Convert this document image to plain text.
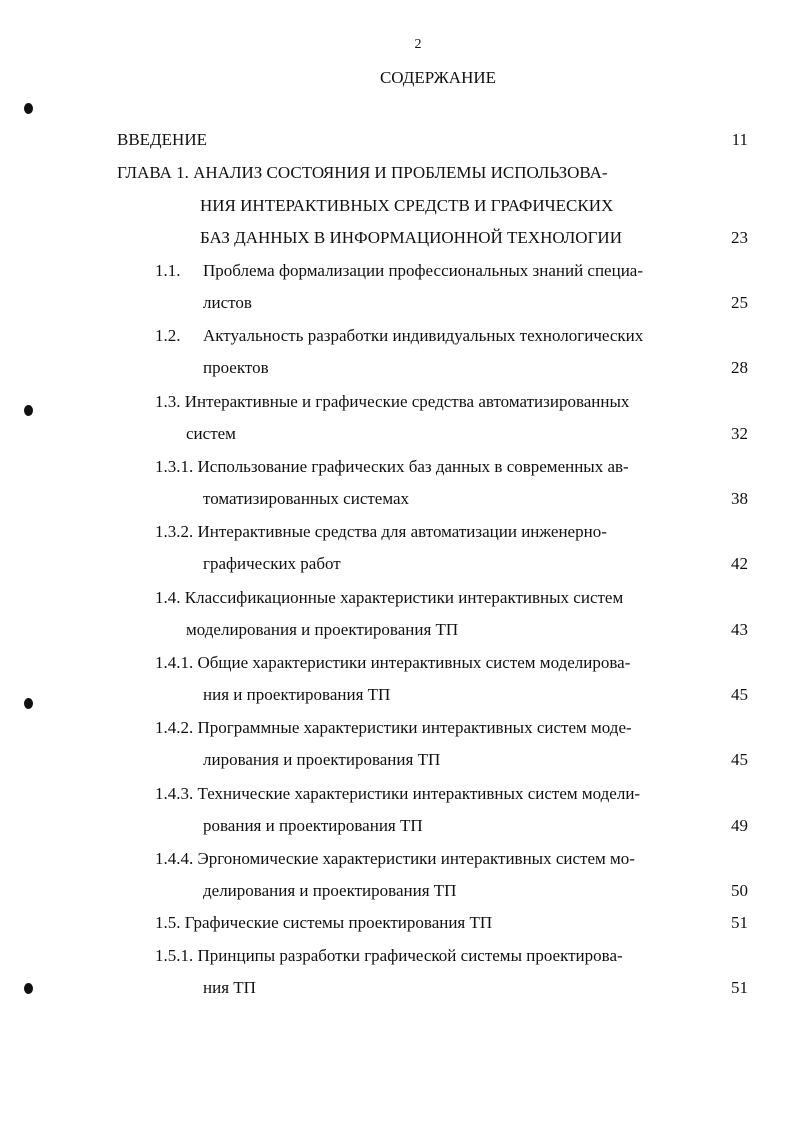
2
СОДЕРЖАНИЕ
ВВЕДЕНИЕ	11
ГЛАВА 1. АНАЛИЗ СОСТОЯНИЯ И ПРОБЛЕМЫ ИСПОЛЬЗОВА-
НИЯ ИНТЕРАКТИВНЫХ СРЕДСТВ И ГРАФИЧЕСКИХ
БАЗ ДАННЫХ В ИНФОРМАЦИОННОЙ ТЕХНОЛОГИИ	23
1.1. Проблема формализации профессиональных знаний специа-
листов	25
1.2. Актуальность разработки индивидуальных технологических
проектов	28
1.3. Интерактивные и графические средства автоматизированных
систем	32
1.3.1. Использование графических баз данных в современных ав-
томатизированных системах	38
1.3.2. Интерактивные средства для автоматизации инженерно-
графических работ	42
1.4. Классификационные характеристики интерактивных систем
моделирования и проектирования ТП	43
1.4.1. Общие характеристики интерактивных систем моделирова-
ния и проектирования ТП	45
1.4.2. Программные характеристики интерактивных систем моде-
лирования и проектирования ТП	45
1.4.3. Технические характеристики интерактивных систем модели-
рования и проектирования ТП	49
1.4.4. Эргономические характеристики интерактивных систем мо-
делирования и проектирования ТП	50
1.5. Графические системы проектирования ТП	51
1.5.1. Принципы разработки графической системы проектирова-
ния ТП	51
